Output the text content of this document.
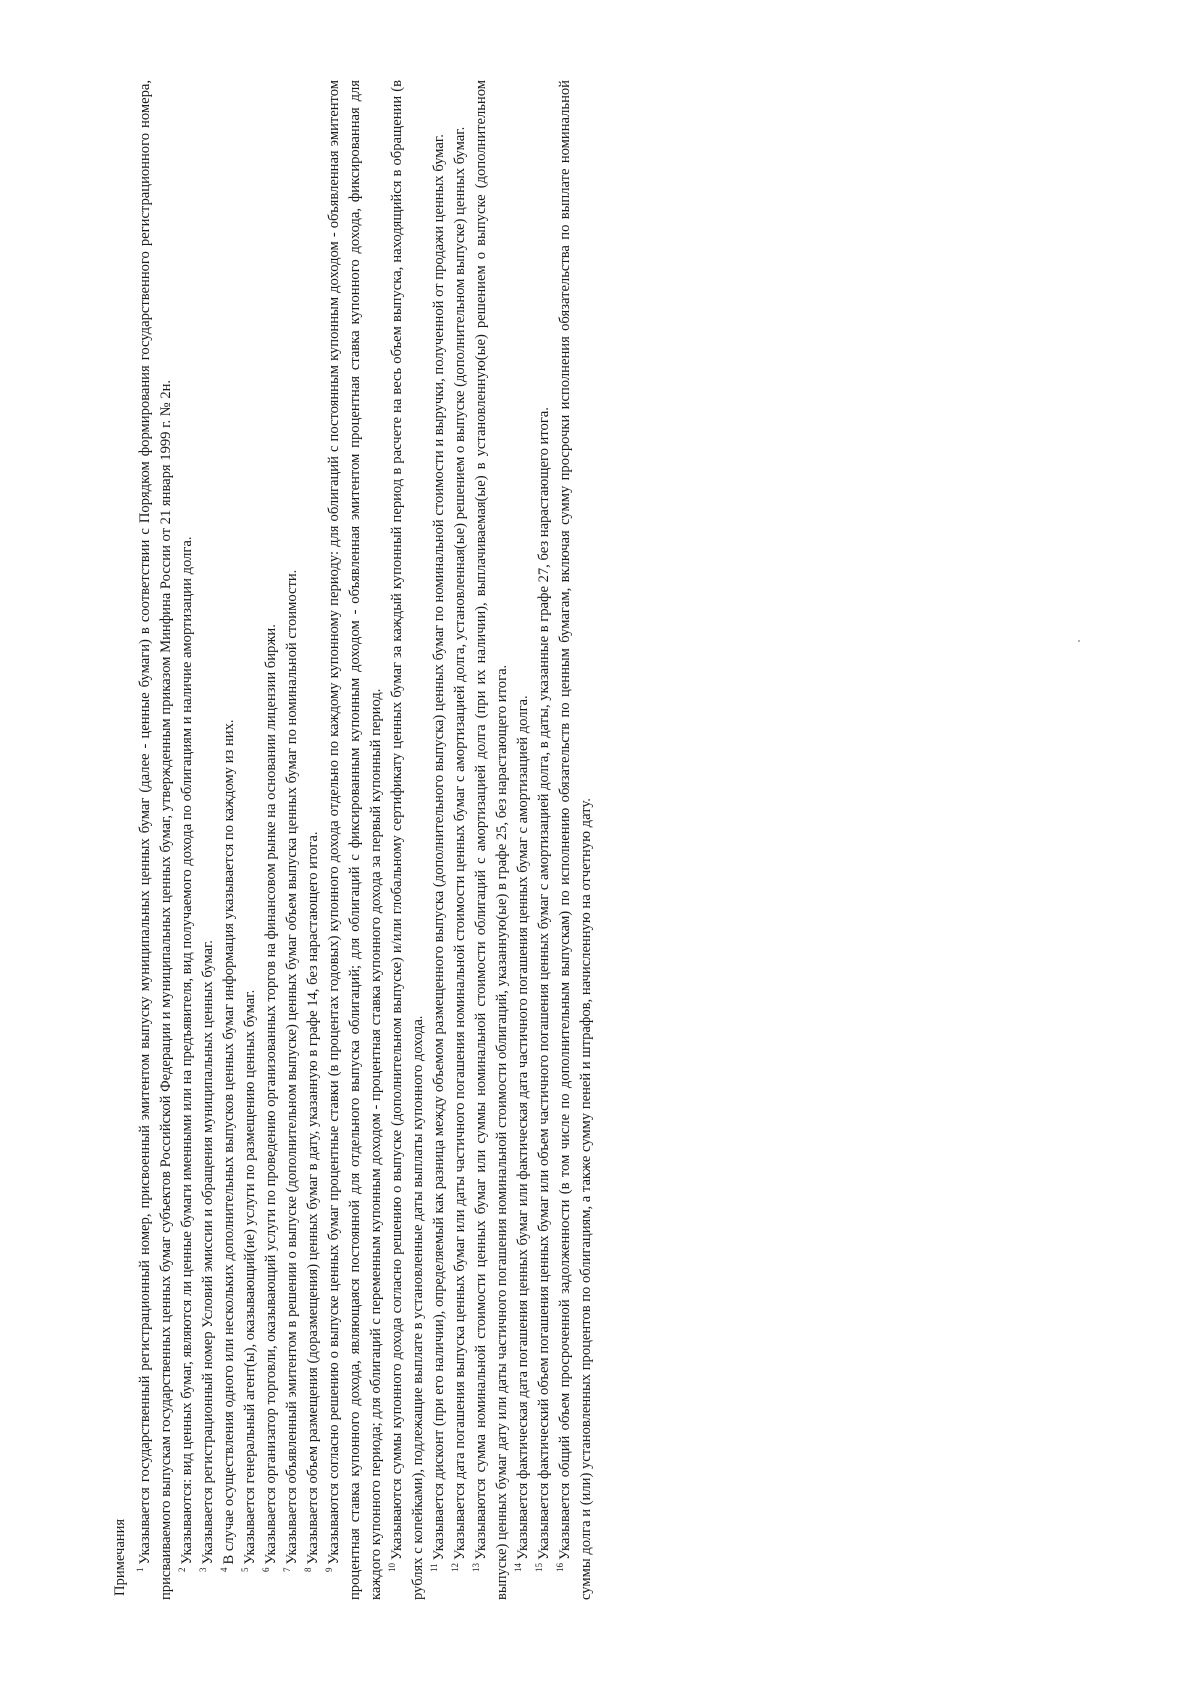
Примечания $^1$Указывается государственный регистрационный номер, присвоенный эмитентом выпуску муниципальных ценных бумаг (далее - ценные бумаги) в соответствии с Порядком формирования государственного регистрационного номера, присваиваемого выпускам государственных ценных бумаг субъектов Российской Федерации и муниципальных ценных бумаг, утвержденным приказом Минфина России от 21 января 1999 г. № 2н. $^2$Указываются: вид ценных бумаг, являются ли ценные бумаги именными или на предъявителя, вид получаемого дохода по облигациям и наличие амортизации долга.

$^3$Указывается регистрационный номер Условий эмиссии и обращения муниципальных ценных бумаг.

$^4$В случае осуществления одного или нескольких дополнительных выпусков ценных бумаг информация указывается по каждому из них.

$^5$Указывается генеральный агент(ы), оказывающий(ие) услуги по размещению ценных бумаг.

$^6$Указывается организатор торговли, оказывающий услуги по проведению организованных торгов на финансовом рынке на основании лицензии биржи.

$^7$Указывается объявленный эмитентом в решении о выпуске (дополнительном выпуске) ценных бумаг объем выпуска ценных бумаг по номинальной стоимости.

$^8$Указывается объем размещения (доразмещения) ценных бумаг в дату, указанную в графе 14, без нарастающего итога.

$^9$Указываются согласно решению о выпуске ценных бумаг процентные ставки (в процентах годовых) купонного дохода отдельно по каждому купонному периоду: для облигаций с постоянным купонным доходом - объявленная эмитентом процентная ставка купонного дохода, являющаяся постоянной для отдельного выпуска облигаций; для облигаций с фиксированным купонным доходом - объявленная эмитентом процентная ставка купонного дохода, фиксированная для каждого купонного периода; для облигаций с переменным купонным доходом - процентная ставка купонного дохода за первый купонный период. $^{10}$Указываются суммы купонного дохода согласно решению о выпуске (дополнительном выпуске) и/или глобальному сертификату ценных бумаг за каждый купонный период в расчете на весь объем выпуска, находящийся в обращении (в рублях с копейками), подлежащие выплате в установленные даты выплаты купонного дохода. $^{11}$Указывается дисконт (при его наличии), определяемый как разница между объемом размещенного выпуска (дополнительного выпуска) ценных бумаг по номинальной стоимости и выручки, полученной от продажи ценных бумаг.

$^{12}$Указывается дата погашения выпуска ценных бумаг или даты частичного погашения номинальной стоимости ценных бумаг с амортизацией долга, установленная(ые) решением о выпуске (дополнительном выпуске) ценных бумаг.

$^{13}$Указываются сумма номинальной стоимости ценных бумаг или суммы номинальной стоимости облигаций с амортизацией долга (при их наличии), выплачиваемая(ые) в установленную(ые) решением о выпуске (дополнительном выпуске) ценных бумаг дату или даты частичного погашения номинальной стоимости облигаций, указанную(ые) в графе 25, без нарастающего итога. $^{14}$Указывается фактическая дата погашения ценных бумаг или фактическая дата частичного погашения ценных бумаг с амортизацией долга.

$^{15}$Указывается фактический объем погашения ценных бумаг или объем частичного погашения ценных бумаг с амортизацией долга, в даты, указанные в графе 27, без нарастающего итога.

$^{16}$Указывается общий объем просроченной задолженности (в том числе по дополнительным выпускам) по исполнению обязательств по ценным бумагам, включая сумму просрочки исполнения обязательства по выплате номинальной суммы долга и (или) установленных процентов по облигациям, а также сумму пеней и штрафов, начисленную на отчетную дату.
